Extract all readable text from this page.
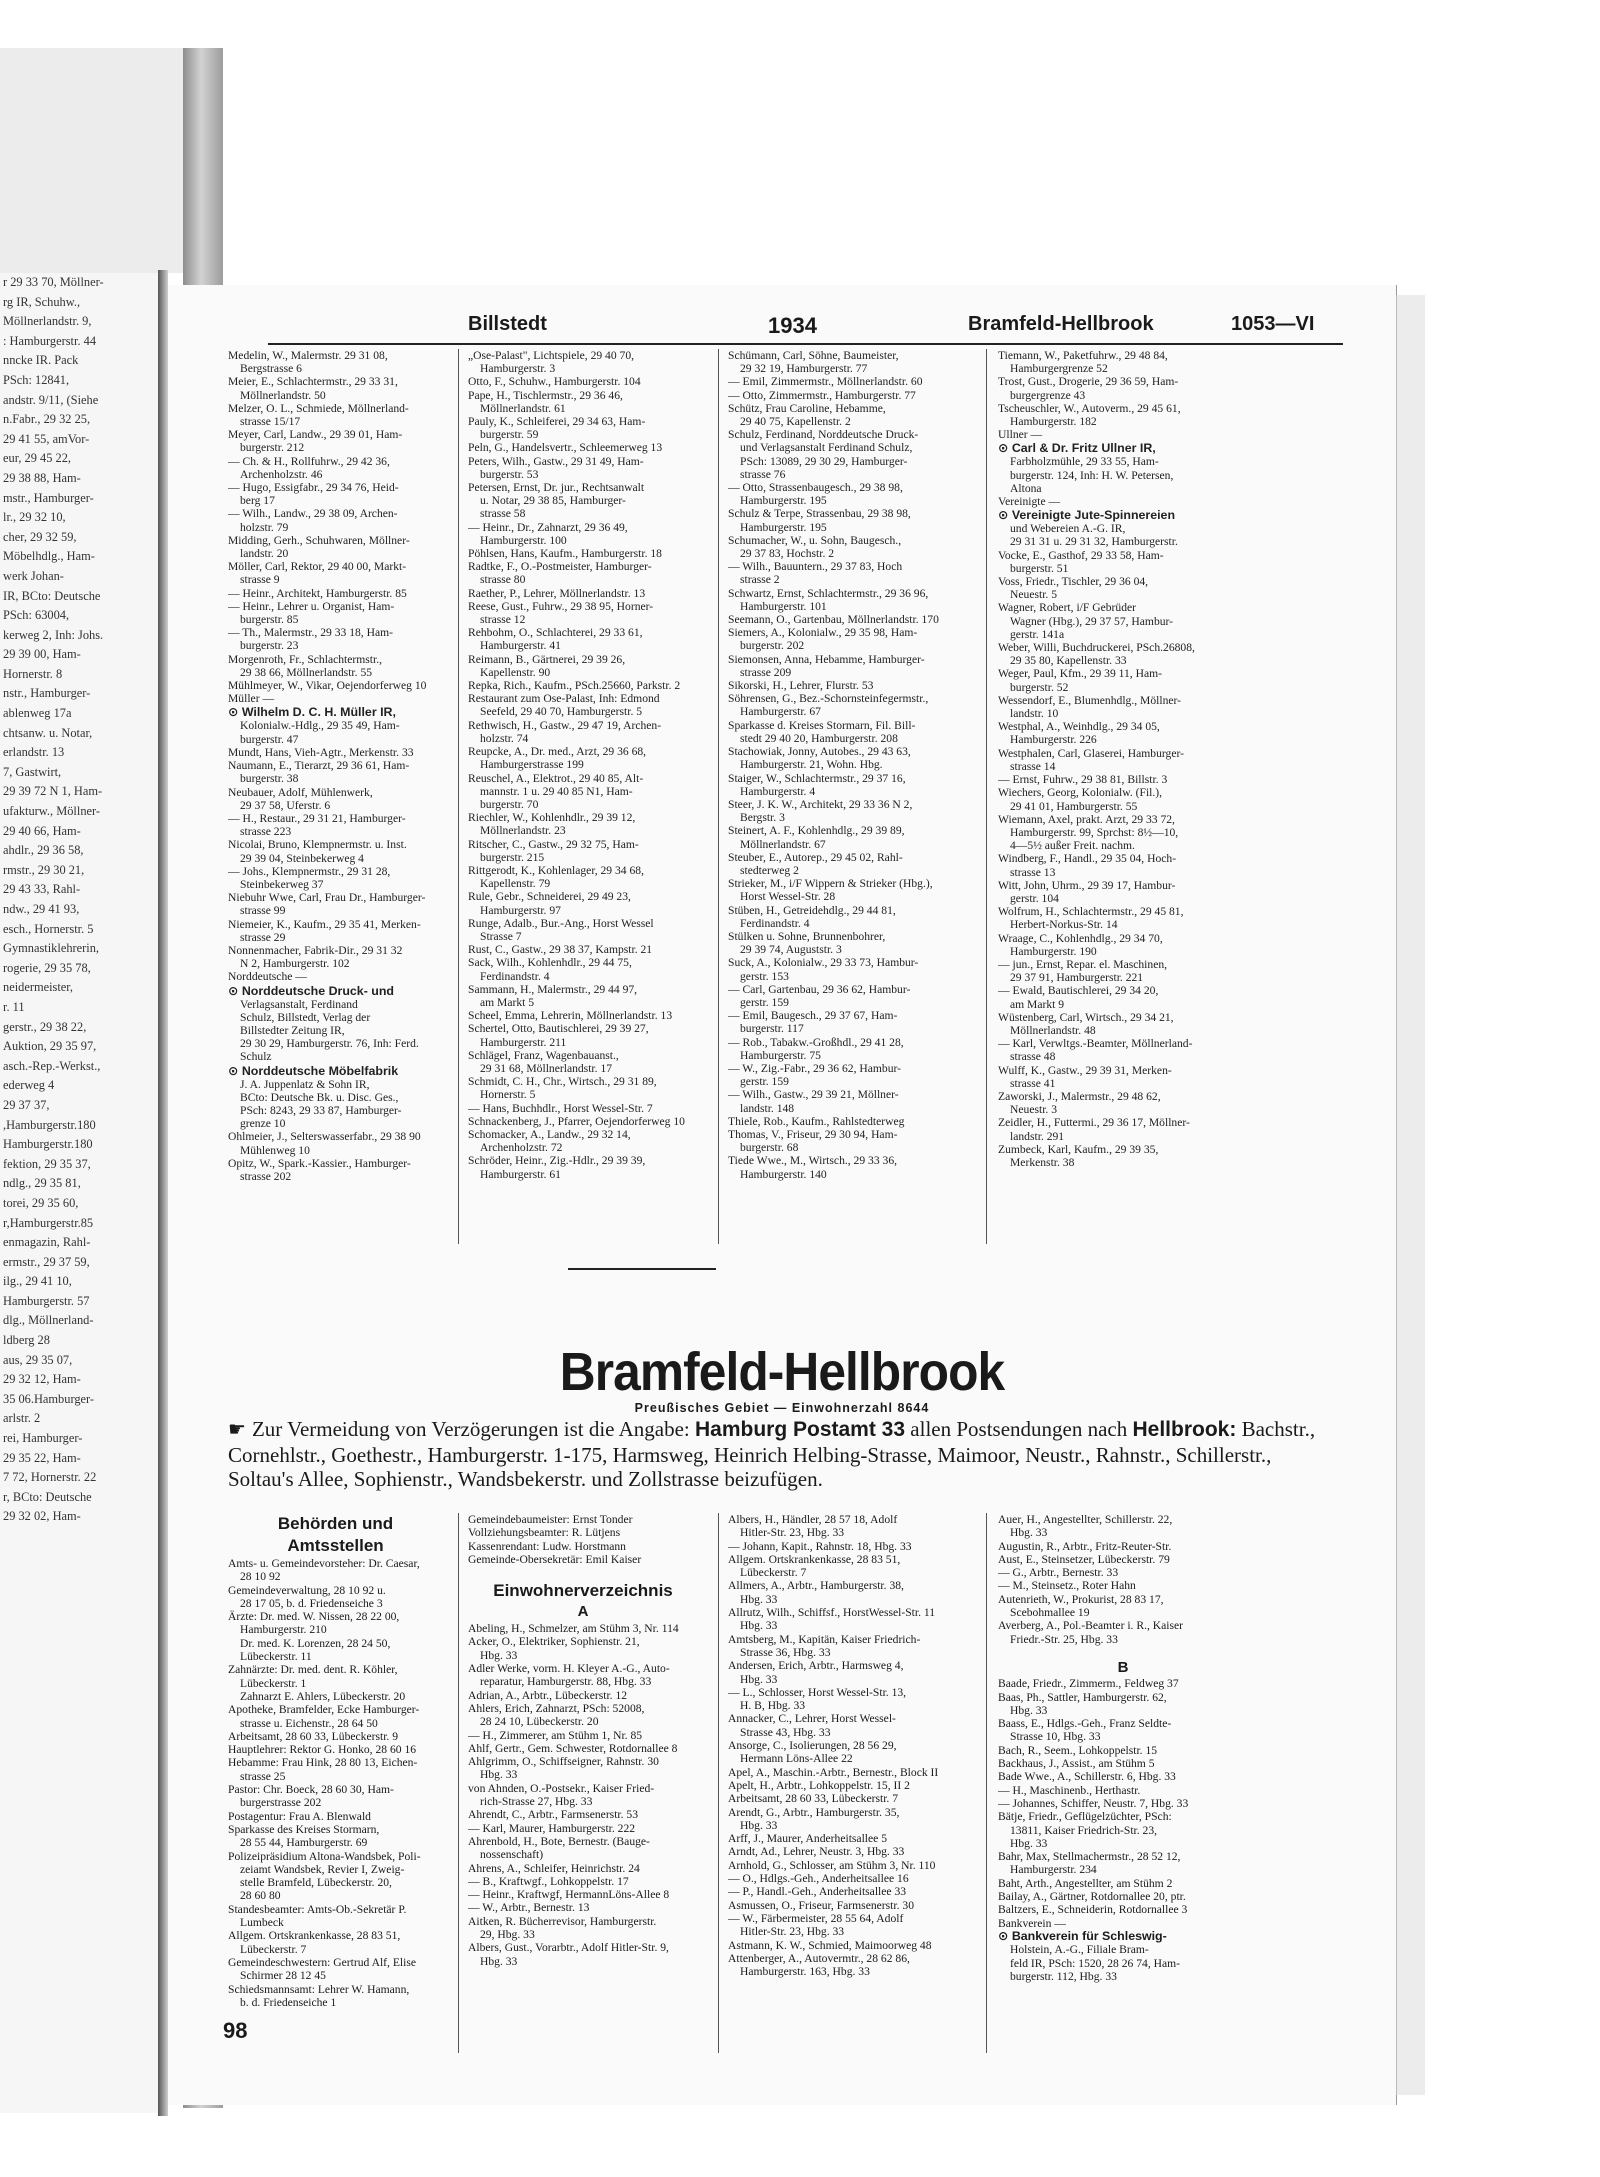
r 29 33 70, Möllner-
rg IR, Schuhw.,
Möllnerlandstr. 9,
: Hamburgerstr. 44
nncke IR. Pack
PSch: 12841,
andstr. 9/11, (Siehe
n.Fabr., 29 32 25,
29 41 55, amVor-
eur, 29 45 22,
29 38 88, Ham-
mstr., Hamburger-
lr., 29 32 10,
cher, 29 32 59,
Möbelhdlg., Ham-
werk Johan-
IR, BCto: Deutsche
PSch: 63004,
kerweg 2, Inh: Johs.
29 39 00, Ham-
Hornerstr. 8
nstr., Hamburger-
ablenweg 17a
chtsanw. u. Notar,
erlandstr. 13
7, Gastwirt,
29 39 72 N 1, Ham-
ufakturw., Möllner-
29 40 66, Ham-
ahdlr., 29 36 58,
rmstr., 29 30 21,
29 43 33, Rahl-
ndw., 29 41 93,
esch., Hornerstr. 5
Gymnastiklehrerin,
rogerie, 29 35 78,
neidermeister,
r. 11
gerstr., 29 38 22,
Auktion, 29 35 97,
asch.-Rep.-Werkst.,
ederweg 4
29 37 37,
,Hamburgerstr.180
Hamburgerstr.180
fektion, 29 35 37,
ndlg., 29 35 81,
torei, 29 35 60,
r,Hamburgerstr.85
enmagazin, Rahl-
ermstr., 29 37 59,
ilg., 29 41 10,
Hamburgerstr. 57
dlg., Möllnerland-
ldberg 28
aus, 29 35 07,
29 32 12, Ham-
35 06.Hamburger-
arlstr. 2
rei, Hamburger-
29 35 22, Ham-
7 72, Hornerstr. 22
r, BCto: Deutsche
29 32 02, Ham-
Billstedt	1934	Bramfeld-Hellbrook	1053—VI
Medelin, W., Malermstr. 29 31 08,
Bergstrasse 6
Meier, E., Schlachtermstr., 29 33 31,
Möllnerlandstr. 50
Melzer, O. L., Schmiede, Möllnerland-
strasse 15/17
Meyer, Carl, Landw., 29 39 01, Ham-
burgerstr. 212
— Ch. & H., Rollfuhrw., 29 42 36,
Archenholzstr. 46
— Hugo, Essigfabr., 29 34 76, Heid-
berg 17
— Wilh., Landw., 29 38 09, Archen-
holzstr. 79
Midding, Gerh., Schuhwaren, Möllner-
landstr. 20
Möller, Carl, Rektor, 29 40 00, Markt-
strasse 9
— Heinr., Architekt, Hamburgerstr. 85
— Heinr., Lehrer u. Organist, Ham-
burgerstr. 85
— Th., Malermstr., 29 33 18, Ham-
burgerstr. 23
Morgenroth, Fr., Schlachtermstr.,
29 38 66, Möllnerlandstr. 55
Mühlmeyer, W., Vikar, Oejendorferweg 10
Müller —
⊙ Wilhelm D. C. H. Müller IR,
Kolonialw.-Hdlg., 29 35 49, Ham-
burgerstr. 47
Mundt, Hans, Vieh-Agtr., Merkenstr. 33
Naumann, E., Tierarzt, 29 36 61, Ham-
burgerstr. 38
Neubauer, Adolf, Mühlenwerk,
29 37 58, Uferstr. 6
— H., Restaur., 29 31 21, Hamburger-
strasse 223
Nicolai, Bruno, Klempnermstr. u. Inst.
29 39 04, Steinbekerweg 4
— Johs., Klempnermstr., 29 31 28,
Steinbekerweg 37
Niebuhr Wwe, Carl, Frau Dr., Hamburger-
strasse 99
Niemeier, K., Kaufm., 29 35 41, Merken-
strasse 29
Nonnenmacher, Fabrik-Dir., 29 31 32
N 2, Hamburgerstr. 102
Norddeutsche —
⊙ Norddeutsche Druck- und
Verlagsanstalt, Ferdinand
Schulz, Billstedt, Verlag der
Billstedter Zeitung IR,
29 30 29, Hamburgerstr. 76, Inh: Ferd.
Schulz
⊙ Norddeutsche Möbelfabrik
J. A. Juppenlatz & Sohn IR,
BCto: Deutsche Bk. u. Disc. Ges.,
PSch: 8243, 29 33 87, Hamburger-
grenze 10
Ohlmeier, J., Selterswasserfabr., 29 38 90
Mühlenweg 10
Opitz, W., Spark.-Kassier., Hamburger-
strasse 202
„Ose-Palast", Lichtspiele, 29 40 70,
Hamburgerstr. 3
Otto, F., Schuhw., Hamburgerstr. 104
Pape, H., Tischlermstr., 29 36 46,
Möllnerlandstr. 61
Pauly, K., Schleiferei, 29 34 63, Ham-
burgerstr. 59
Peln, G., Handelsvertr., Schleemerweg 13
Peters, Wilh., Gastw., 29 31 49, Ham-
burgerstr. 53
Petersen, Ernst, Dr. jur., Rechtsanwalt
u. Notar, 29 38 85, Hamburger-
strasse 58
— Heinr., Dr., Zahnarzt, 29 36 49,
Hamburgerstr. 100
Pöhlsen, Hans, Kaufm., Hamburgerstr. 18
Radtke, F., O.-Postmeister, Hamburger-
strasse 80
Raether, P., Lehrer, Möllnerlandstr. 13
Reese, Gust., Fuhrw., 29 38 95, Horner-
strasse 12
Rehbohm, O., Schlachterei, 29 33 61,
Hamburgerstr. 41
Reimann, B., Gärtnerei, 29 39 26,
Kapellenstr. 90
Repka, Rich., Kaufm., PSch.25660, Parkstr. 2
Restaurant zum Ose-Palast, Inh: Edmond
Seefeld, 29 40 70, Hamburgerstr. 5
Rethwisch, H., Gastw., 29 47 19, Archen-
holzstr. 74
Reupcke, A., Dr. med., Arzt, 29 36 68,
Hamburgerstrasse 199
Reuschel, A., Elektrot., 29 40 85, Alt-
mannstr. 1 u. 29 40 85 N1, Ham-
burgerstr. 70
Riechler, W., Kohlenhdlr., 29 39 12,
Möllnerlandstr. 23
Ritscher, C., Gastw., 29 32 75, Ham-
burgerstr. 215
Rittgerodt, K., Kohlenlager, 29 34 68,
Kapellenstr. 79
Rule, Gebr., Schneiderei, 29 49 23,
Hamburgerstr. 97
Runge, Adalb., Bur.-Ang., Horst Wessel
Strasse 7
Rust, C., Gastw., 29 38 37, Kampstr. 21
Sack, Wilh., Kohlenhdlr., 29 44 75,
Ferdinandstr. 4
Sammann, H., Malermstr., 29 44 97,
am Markt 5
Scheel, Emma, Lehrerin, Möllnerlandstr. 13
Schertel, Otto, Bautischlerei, 29 39 27,
Hamburgerstr. 211
Schlägel, Franz, Wagenbauanst.,
29 31 68, Möllnerlandstr. 17
Schmidt, C. H., Chr., Wirtsch., 29 31 89,
Hornerstr. 5
— Hans, Buchhdlr., Horst Wessel-Str. 7
Schnackenberg, J., Pfarrer, Oejendorferweg 10
Schomacker, A., Landw., 29 32 14,
Archenholzstr. 72
Schröder, Heinr., Zig.-Hdlr., 29 39 39,
Hamburgerstr. 61
Schümann, Carl, Söhne, Baumeister,
29 32 19, Hamburgerstr. 77
— Emil, Zimmermstr., Möllnerlandstr. 60
— Otto, Zimmermstr., Hamburgerstr. 77
Schütz, Frau Caroline, Hebamme,
29 40 75, Kapellenstr. 2
Schulz, Ferdinand, Norddeutsche Druck-
und Verlagsanstalt Ferdinand Schulz,
PSch: 13089, 29 30 29, Hamburger-
strasse 76
— Otto, Strassenbaugesch., 29 38 98,
Hamburgerstr. 195
Schulz & Terpe, Strassenbau, 29 38 98,
Hamburgerstr. 195
Schumacher, W., u. Sohn, Baugesch.,
29 37 83, Hochstr. 2
— Wilh., Bauuntern., 29 37 83, Hoch
strasse 2
Schwartz, Ernst, Schlachtermstr., 29 36 96,
Hamburgerstr. 101
Seemann, O., Gartenbau, Möllnerlandstr. 170
Siemers, A., Kolonialw., 29 35 98, Ham-
burgerstr. 202
Siemonsen, Anna, Hebamme, Hamburger-
strasse 209
Sikorski, H., Lehrer, Flurstr. 53
Söhrensen, G., Bez.-Schornsteinfegermstr.,
Hamburgerstr. 67
Sparkasse d. Kreises Stormarn, Fil. Bill-
stedt 29 40 20, Hamburgerstr. 208
Stachowiak, Jonny, Autobes., 29 43 63,
Hamburgerstr. 21, Wohn. Hbg.
Staiger, W., Schlachtermstr., 29 37 16,
Hamburgerstr. 4
Steer, J. K. W., Architekt, 29 33 36 N 2,
Bergstr. 3
Steinert, A. F., Kohlenhdlg., 29 39 89,
Möllnerlandstr. 67
Steuber, E., Autorep., 29 45 02, Rahl-
stedterweg 2
Strieker, M., i/F Wippern & Strieker (Hbg.),
Horst Wessel-Str. 28
Stüben, H., Getreidehdlg., 29 44 81,
Ferdinandstr. 4
Stülken u. Sohne, Brunnenbohrer,
29 39 74, Auguststr. 3
Suck, A., Kolonialw., 29 33 73, Hambur-
gerstr. 153
— Carl, Gartenbau, 29 36 62, Hambur-
gerstr. 159
— Emil, Baugesch., 29 37 67, Ham-
burgerstr. 117
— Rob., Tabakw.-Großhdl., 29 41 28,
Hamburgerstr. 75
— W., Zig.-Fabr., 29 36 62, Hambur-
gerstr. 159
— Wilh., Gastw., 29 39 21, Möllner-
landstr. 148
Thiele, Rob., Kaufm., Rahlstedterweg
Thomas, V., Friseur, 29 30 94, Ham-
burgerstr. 68
Tiede Wwe., M., Wirtsch., 29 33 36,
Hamburgerstr. 140
Tiemann, W., Paketfuhrw., 29 48 84,
Hamburgergrenze 52
Trost, Gust., Drogerie, 29 36 59, Ham-
burgergrenze 43
Tscheuschler, W., Autoverm., 29 45 61,
Hamburgerstr. 182
Ullner —
⊙ Carl & Dr. Fritz Ullner IR,
Farbholzmühle, 29 33 55, Ham-
burgerstr. 124, Inh: H. W. Petersen,
Altona
Vereinigte —
⊙ Vereinigte Jute-Spinnereien
und Webereien A.-G. IR,
29 31 31 u. 29 31 32, Hamburgerstr.
Vocke, E., Gasthof, 29 33 58, Ham-
burgerstr. 51
Voss, Friedr., Tischler, 29 36 04,
Neuestr. 5
Wagner, Robert, i/F Gebrüder
Wagner (Hbg.), 29 37 57, Hambur-
gerstr. 141a
Weber, Willi, Buchdruckerei, PSch.26808,
29 35 80, Kapellenstr. 33
Weger, Paul, Kfm., 29 39 11, Ham-
burgerstr. 52
Wessendorf, E., Blumenhdlg., Möllner-
landstr. 10
Westphal, A., Weinhdlg., 29 34 05,
Hamburgerstr. 226
Westphalen, Carl, Glaserei, Hamburger-
strasse 14
— Ernst, Fuhrw., 29 38 81, Billstr. 3
Wiechers, Georg, Kolonialw. (Fil.),
29 41 01, Hamburgerstr. 55
Wiemann, Axel, prakt. Arzt, 29 33 72,
Hamburgerstr. 99, Sprchst: 8½—10,
4—5½ außer Freit. nachm.
Windberg, F., Handl., 29 35 04, Hoch-
strasse 13
Witt, John, Uhrm., 29 39 17, Hambur-
gerstr. 104
Wolfrum, H., Schlachtermstr., 29 45 81,
Herbert-Norkus-Str. 14
Wraage, C., Kohlenhdlg., 29 34 70,
Hamburgerstr. 190
— jun., Ernst, Repar. el. Maschinen,
29 37 91, Hamburgerstr. 221
— Ewald, Bautischlerei, 29 34 20,
am Markt 9
Wüstenberg, Carl, Wirtsch., 29 34 21,
Möllnerlandstr. 48
— Karl, Verwltgs.-Beamter, Möllnerland-
strasse 48
Wulff, K., Gastw., 29 39 31, Merken-
strasse 41
Zaworski, J., Malermstr., 29 48 62,
Neuestr. 3
Zeidler, H., Futtermi., 29 36 17, Möllner-
landstr. 291
Zumbeck, Karl, Kaufm., 29 39 35,
Merkenstr. 38
Bramfeld-Hellbrook
Preußisches Gebiet — Einwohnerzahl 8644
☛ Zur Vermeidung von Verzögerungen ist die Angabe: Hamburg Postamt 33 allen Postsendungen nach Hellbrook: Bachstr., Cornehlstr., Goethestr., Hamburgerstr. 1-175, Harmsweg, Heinrich Helbing-Strasse, Maimoor, Neustr., Rahnstr., Schillerstr., Soltau's Allee, Sophienstr., Wandsbekerstr. und Zollstrasse beizufügen.
Behörden und Amtsstellen
Amts- u. Gemeindevorsteher: Dr. Caesar,
28 10 92
Gemeindeverwaltung, 28 10 92 u.
28 17 05, b. d. Friedenseiche 3
Ärzte: Dr. med. W. Nissen, 28 22 00,
Hamburgerstr. 210
Dr. med. K. Lorenzen, 28 24 50,
Lübeckerstr. 11
Zahnärzte: Dr. med. dent. R. Köhler,
Lübeckerstr. 1
Zahnarzt E. Ahlers, Lübeckerstr. 20
Apotheke, Bramfelder, Ecke Hamburger-
strasse u. Eichenstr., 28 64 50
Arbeitsamt, 28 60 33, Lübeckerstr. 9
Hauptlehrer: Rektor G. Honko, 28 60 16
Hebamme: Frau Hink, 28 80 13, Eichen-
strasse 25
Pastor: Chr. Boeck, 28 60 30, Ham-
burgerstrasse 202
Postagentur: Frau A. Blenwald
Sparkasse des Kreises Stormarn,
28 55 44, Hamburgerstr. 69
Polizeipräsidium Altona-Wandsbek, Poli-
zeiamt Wandsbek, Revier I, Zweig-
stelle Bramfeld, Lübeckerstr. 20,
28 60 80
Standesbeamter: Amts-Ob.-Sekretär P.
Lumbeck
Allgem. Ortskrankenkasse, 28 83 51,
Lübeckerstr. 7
Gemeindeschwestern: Gertrud Alf, Elise
Schirmer 28 12 45
Schiedsmannsamt: Lehrer W. Hamann,
b. d. Friedenseiche 1
Gemeindebaumeister: Ernst Tonder
Vollziehungsbeamter: R. Lütjens
Kassenrendant: Ludw. Horstmann
Gemeinde-Obersekretär: Emil Kaiser
Einwohnerverzeichnis
A
Abeling, H., Schmelzer, am Stühm 3, Nr. 114
Acker, O., Elektriker, Sophienstr. 21,
Hbg. 33
Adler Werke, vorm. H. Kleyer A.-G., Auto-
reparatur, Hamburgerstr. 88, Hbg. 33
Adrian, A., Arbtr., Lübeckerstr. 12
Ahlers, Erich, Zahnarzt, PSch: 52008,
28 24 10, Lübeckerstr. 20
— H., Zimmerer, am Stühm 1, Nr. 85
Ahlf, Gertr., Gem. Schwester, Rotdornallee 8
Ahlgrimm, O., Schiffseigner, Rahnstr. 30
Hbg. 33
von Ahnden, O.-Postsekr., Kaiser Fried-
rich-Strasse 27, Hbg. 33
Ahrendt, C., Arbtr., Farmsenerstr. 53
— Karl, Maurer, Hamburgerstr. 222
Ahrenbold, H., Bote, Bernestr. (Bauge-
nossenschaft)
Ahrens, A., Schleifer, Heinrichstr. 24
— B., Kraftwgf., Lohkoppelstr. 17
— Heinr., Kraftwgf, HermannLöns-Allee 8
— W., Arbtr., Bernestr. 13
Aitken, R. Bücherrevisor, Hamburgerstr.
29, Hbg. 33
Albers, Gust., Vorarbtr., Adolf Hitler-Str. 9,
Hbg. 33
Albers, H., Händler, 28 57 18, Adolf
Hitler-Str. 23, Hbg. 33
— Johann, Kapit., Rahnstr. 18, Hbg. 33
Allgem. Ortskrankenkasse, 28 83 51,
Lübeckerstr. 7
Allmers, A., Arbtr., Hamburgerstr. 38,
Hbg. 33
Allrutz, Wilh., Schiffsf., HorstWessel-Str. 11
Hbg. 33
Amtsberg, M., Kapitän, Kaiser Friedrich-
Strasse 36, Hbg. 33
Andersen, Erich, Arbtr., Harmsweg 4,
Hbg. 33
— L., Schlosser, Horst Wessel-Str. 13,
H. B, Hbg. 33
Annacker, C., Lehrer, Horst Wessel-
Strasse 43, Hbg. 33
Ansorge, C., Isolierungen, 28 56 29,
Hermann Löns-Allee 22
Apel, A., Maschin.-Arbtr., Bernestr., Block II
Apelt, H., Arbtr., Lohkoppelstr. 15, II 2
Arbeitsamt, 28 60 33, Lübeckerstr. 7
Arendt, G., Arbtr., Hamburgerstr. 35,
Hbg. 33
Arff, J., Maurer, Anderheitsallee 5
Arndt, Ad., Lehrer, Neustr. 3, Hbg. 33
Arnhold, G., Schlosser, am Stühm 3, Nr. 110
— O., Hdlgs.-Geh., Anderheitsallee 16
— P., Handl.-Geh., Anderheitsallee 33
Asmussen, O., Friseur, Farmsenerstr. 30
— W., Färbermeister, 28 55 64, Adolf
Hitler-Str. 23, Hbg. 33
Astmann, K. W., Schmied, Maimoorweg 48
Attenberger, A., Autovermtr., 28 62 86,
Hamburgerstr. 163, Hbg. 33
Auer, H., Angestellter, Schillerstr. 22,
Hbg. 33
Augustin, R., Arbtr., Fritz-Reuter-Str.
Aust, E., Steinsetzer, Lübeckerstr. 79
— G., Arbtr., Bernestr. 33
— M., Steinsetz., Roter Hahn
Autenrieth, W., Prokurist, 28 83 17,
Scebohmallee 19
Averberg, A., Pol.-Beamter i. R., Kaiser
Friedr.-Str. 25, Hbg. 33

B
Baade, Friedr., Zimmerm., Feldweg 37
Baas, Ph., Sattler, Hamburgerstr. 62,
Hbg. 33
Baass, E., Hdlgs.-Geh., Franz Seldte-
Strasse 10, Hbg. 33
Bach, R., Seem., Lohkoppelstr. 15
Backhaus, J., Assist., am Stühm 5
Bade Wwe., A., Schillerstr. 6, Hbg. 33
— H., Maschinenb., Herthastr.
— Johannes, Schiffer, Neustr. 7, Hbg. 33
Bätje, Friedr., Geflügelzüchter, PSch:
13811, Kaiser Friedrich-Str. 23,
Hbg. 33
Bahr, Max, Stellmachermstr., 28 52 12,
Hamburgerstr. 234
Baht, Arth., Angestellter, am Stühm 2
Bailay, A., Gärtner, Rotdornallee 20, ptr.
Baltzers, E., Schneiderin, Rotdornallee 3
Bankverein —
⊙ Bankverein für Schleswig-
Holstein, A.-G., Filiale Bram-
feld IR, PSch: 1520, 28 26 74, Ham-
burgerstr. 112, Hbg. 33
98
